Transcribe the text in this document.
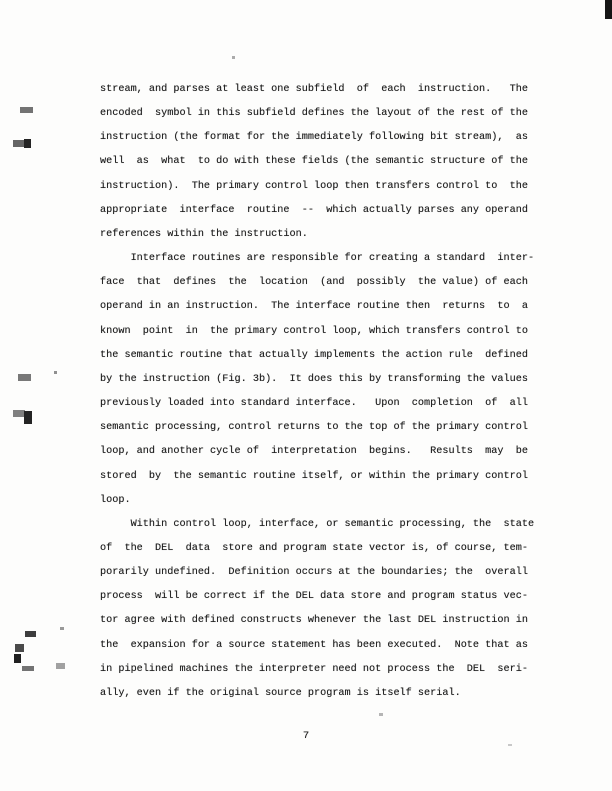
stream, and parses at least one subfield  of  each  instruction.   The
encoded  symbol in this subfield defines the layout of the rest of the
instruction (the format for the immediately following bit stream),  as
well  as  what  to do with these fields (the semantic structure of the
instruction).  The primary control loop then transfers control to  the
appropriate  interface  routine  --  which actually parses any operand
references within the instruction.
Interface routines are responsible for creating a standard  inter-
face  that  defines  the  location  (and  possibly  the value) of each
operand in an instruction.  The interface routine then  returns  to  a
known  point  in  the primary control loop, which transfers control to
the semantic routine that actually implements the action rule  defined
by the instruction (Fig. 3b).  It does this by transforming the values
previously loaded into standard interface.   Upon  completion  of  all
semantic processing, control returns to the top of the primary control
loop, and another cycle of  interpretation  begins.   Results  may  be
stored  by  the semantic routine itself, or within the primary control
loop.
Within control loop, interface, or semantic processing, the  state
of  the  DEL  data  store and program state vector is, of course, tem-
porarily undefined.  Definition occurs at the boundaries; the  overall
process  will be correct if the DEL data store and program status vec-
tor agree with defined constructs whenever the last DEL instruction in
the  expansion for a source statement has been executed.  Note that as
in pipelined machines the interpreter need not process the  DEL  seri-
ally, even if the original source program is itself serial.
7
